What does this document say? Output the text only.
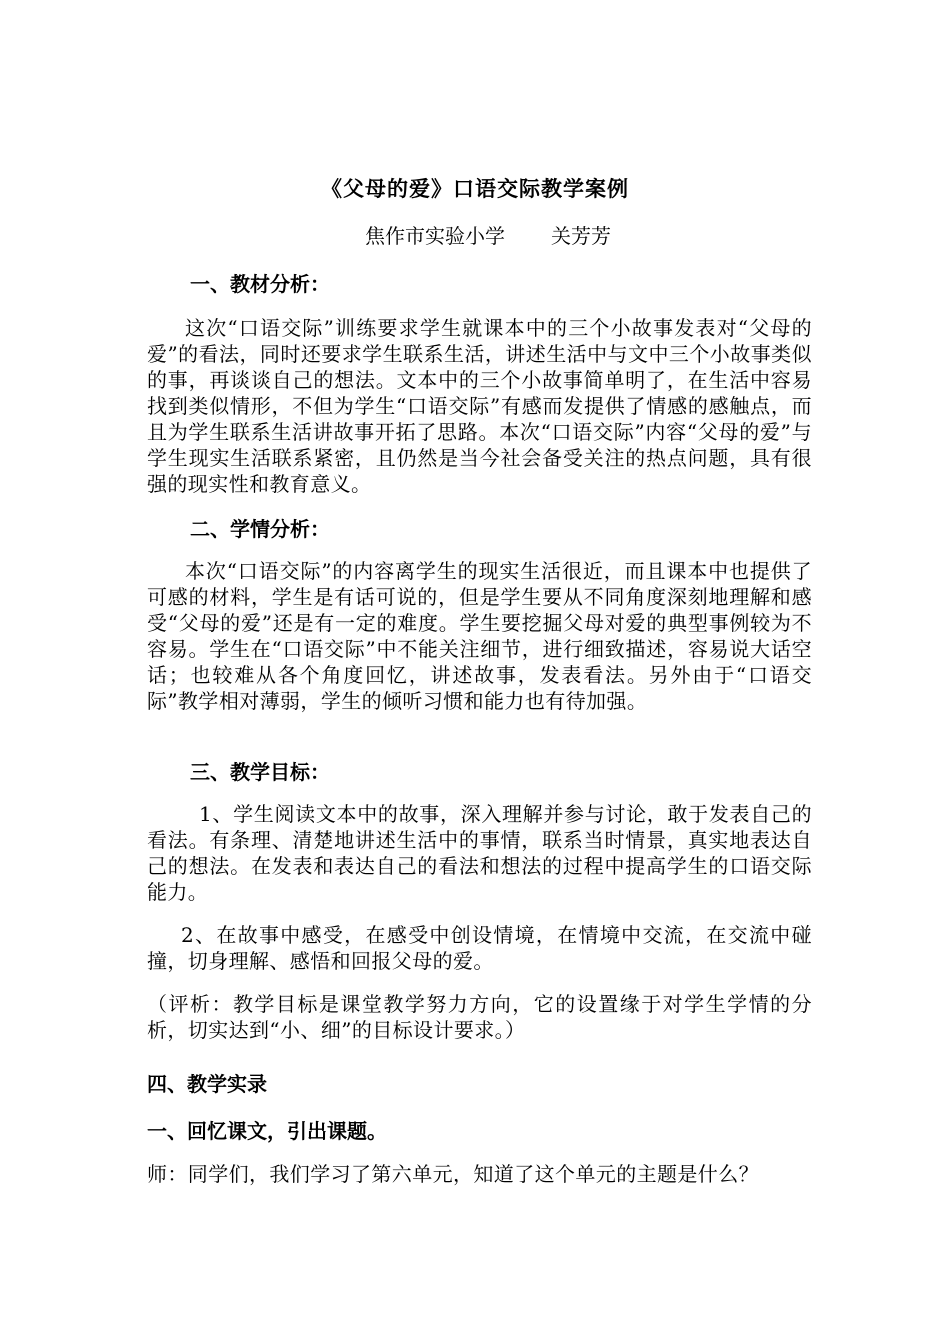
《父母的爱》口语交际教学案例
焦作市实验小学 关芳芳
一、教材分析：
这次“口语交际”训练要求学生就课本中的三个小故事发表对“父母的爱”的看法，同时还要求学生联系生活，讲述生活中与文中三个小故事类似的事，再谈谈自己的想法。文本中的三个小故事简单明了，在生活中容易找到类似情形，不但为学生“口语交际”有感而发提供了情感的感触点，而且为学生联系生活讲故事开拓了思路。本次“口语交际”内容“父母的爱”与学生现实生活联系紧密，且仍然是当今社会备受关注的热点问题，具有很强的现实性和教育意义。
二、学情分析：
本次“口语交际”的内容离学生的现实生活很近，而且课本中也提供了可感的材料，学生是有话可说的，但是学生要从不同角度深刻地理解和感受“父母的爱”还是有一定的难度。学生要挖掘父母对爱的典型事例较为不容易。学生在“口语交际”中不能关注细节，进行细致描述，容易说大话空话；也较难从各个角度回忆，讲述故事，发表看法。另外由于“口语交际”教学相对薄弱，学生的倾听习惯和能力也有待加强。
三、教学目标：
1、学生阅读文本中的故事，深入理解并参与讨论，敢于发表自己的看法。有条理、清楚地讲述生活中的事情，联系当时情景，真实地表达自己的想法。在发表和表达自己的看法和想法的过程中提高学生的口语交际能力。
2、在故事中感受，在感受中创设情境，在情境中交流，在交流中碰撞，切身理解、感悟和回报父母的爱。
（评析：教学目标是课堂教学努力方向，它的设置缘于对学生学情的分析，切实达到“小、细”的目标设计要求。）
四、教学实录
一、回忆课文，引出课题。
师：同学们，我们学习了第六单元，知道了这个单元的主题是什么？
